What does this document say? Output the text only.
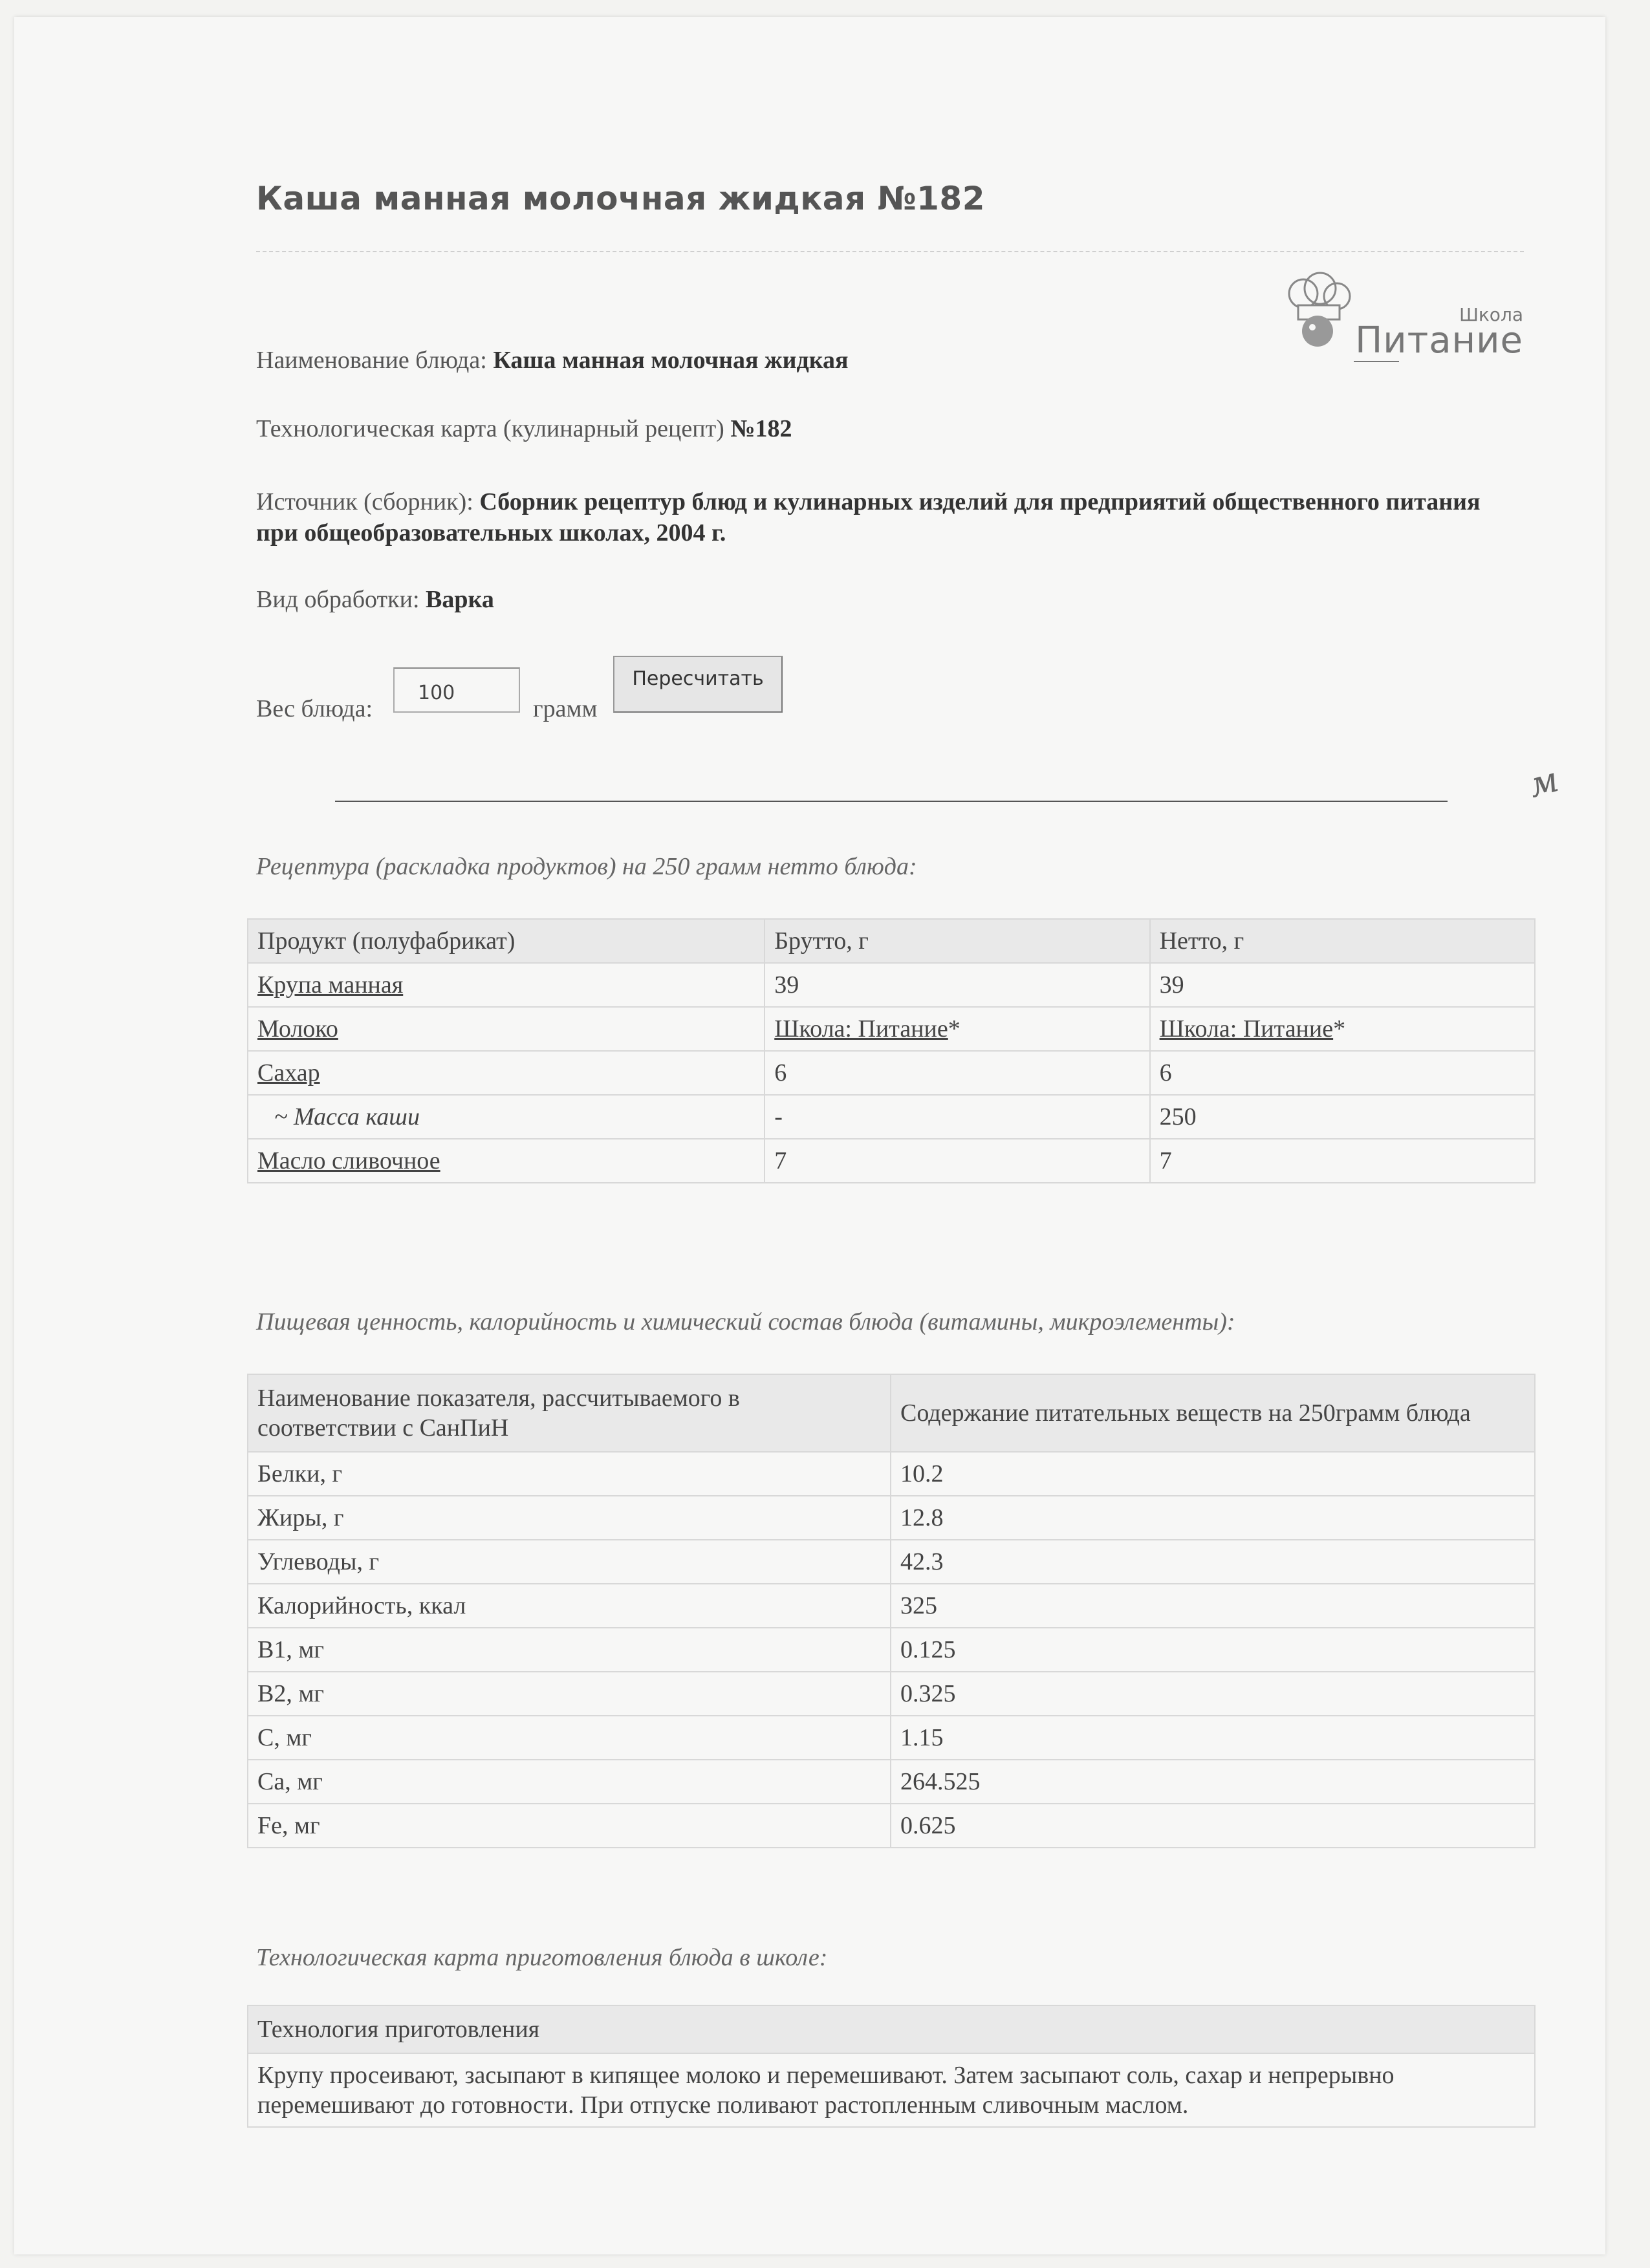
Каша манная молочная жидкая №182
Школа
Питание
Наименование блюда: Каша манная молочная жидкая
Технологическая карта (кулинарный рецепт) №182
Источник (сборник): Сборник рецептур блюд и кулинарных изделий для предприятий общественного питания при общеобразовательных школах, 2004 г.
Вид обработки: Варка
Вес блюда:
100	грамм
Пересчитать
м
Рецептура (раскладка продуктов) на 250 грамм нетто блюда:
Продукт (полуфабрикат)	Брутто, г	Нетто, г
Крупа манная	39	39
Молоко	Школа: Питание*	Школа: Питание*
Сахар	6	6
~ Масса каши	-	250
Масло сливочное	7	7
Пищевая ценность, калорийность и химический состав блюда (витамины, микроэлементы):
Наименование показателя, рассчитываемого в соответствии с СанПиН	Содержание питательных веществ на 250грамм блюда
Белки, г	10.2
Жиры, г	12.8
Углеводы, г	42.3
Калорийность, ккал	325
B1, мг	0.125
B2, мг	0.325
C, мг	1.15
Ca, мг	264.525
Fe, мг	0.625
Технологическая карта приготовления блюда в школе:
Технология приготовления
Крупу просеивают, засыпают в кипящее молоко и перемешивают. Затем засыпают соль, сахар и непрерывно перемешивают до готовности. При отпуске поливают растопленным сливочным маслом.
